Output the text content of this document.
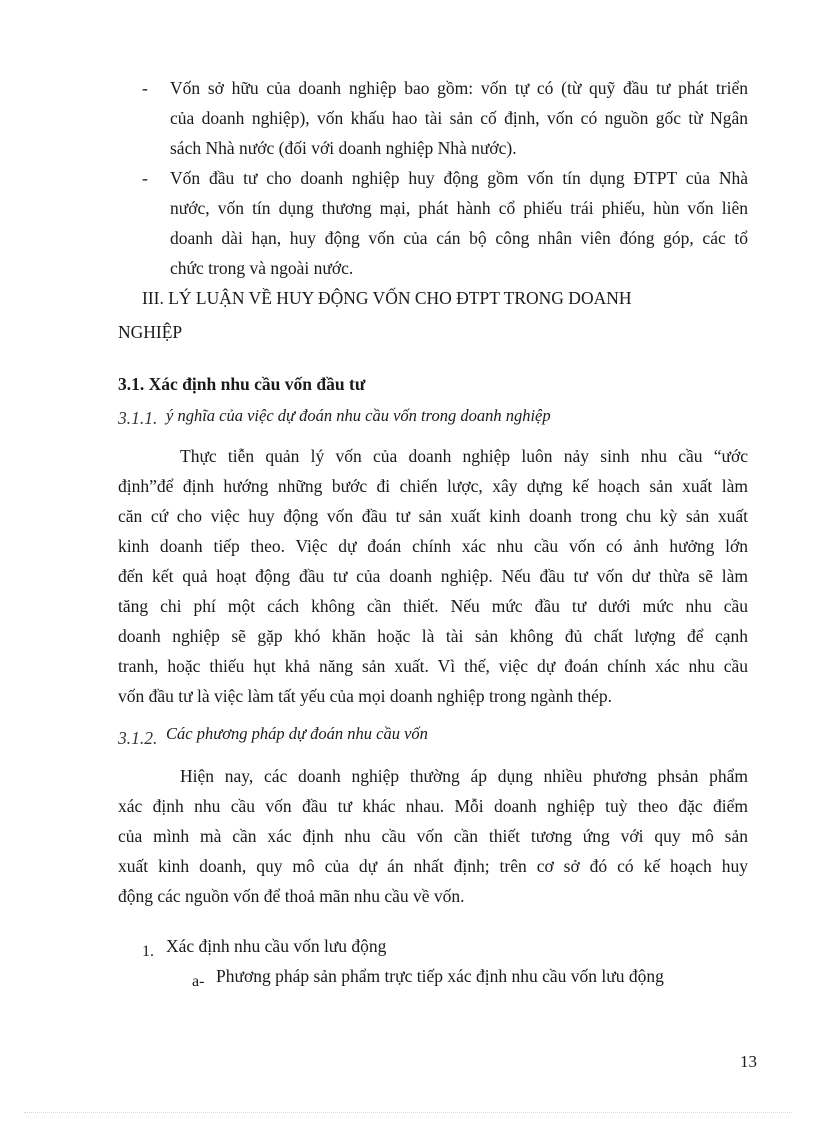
- Vốn sở hữu của doanh nghiệp bao gồm: vốn tự có (từ quỹ đầu tư phát triển
của doanh nghiệp), vốn khấu hao tài sản cố định, vốn có nguồn gốc từ Ngân
sách Nhà nước (đối với doanh nghiệp Nhà nước).
- Vốn đầu tư cho doanh nghiệp huy động gồm vốn tín dụng ĐTPT của Nhà
nước, vốn tín dụng thương mại, phát hành cổ phiếu trái phiếu, hùn vốn liên
doanh dài hạn, huy động vốn của cán bộ công nhân viên đóng góp, các tổ
chức trong và ngoài nước.
III. LÝ LUẬN VỀ HUY ĐỘNG VỐN CHO ĐTPT TRONG DOANH
NGHIỆP
3.1. Xác định nhu cầu vốn đầu tư
3.1.1. ý nghĩa của việc dự đoán nhu cầu vốn trong doanh nghiệp
Thực tiễn quản lý vốn của doanh nghiệp luôn nảy sinh nhu cầu “ước
định”để định hướng những bước đi chiến lược, xây dựng kế hoạch sản xuất làm
căn cứ cho việc huy động vốn đầu tư sản xuất kinh doanh trong chu kỳ sản xuất
kinh doanh tiếp theo. Việc dự đoán chính xác nhu cầu vốn có ảnh hưởng lớn
đến kết quả hoạt động đầu tư của doanh nghiệp. Nếu đầu tư vốn dư thừa sẽ làm
tăng chi phí một cách không cần thiết. Nếu mức đầu tư dưới mức nhu cầu
doanh nghiệp sẽ gặp khó khăn hoặc là tài sản không đủ chất lượng để cạnh
tranh, hoặc thiếu hụt khả năng sản xuất. Vì thế, việc dự đoán chính xác nhu cầu
vốn đầu tư là việc làm tất yếu của mọi doanh nghiệp trong ngành thép.
3.1.2. Các phương pháp dự đoán nhu cầu vốn
Hiện nay, các doanh nghiệp thường áp dụng nhiều phương phsản phẩm
xác định nhu cầu vốn đầu tư khác nhau. Mỗi doanh nghiệp tuỳ theo đặc điểm
của mình mà cần xác định nhu cầu vốn cần thiết tương ứng với quy mô sản
xuất kinh doanh, quy mô của dự án nhất định; trên cơ sở đó có kế hoạch huy
động các nguồn vốn để thoả mãn nhu cầu về vốn.
1. Xác định nhu cầu vốn lưu động
a- Phương pháp sản phẩm trực tiếp xác định nhu cầu vốn lưu động
13
